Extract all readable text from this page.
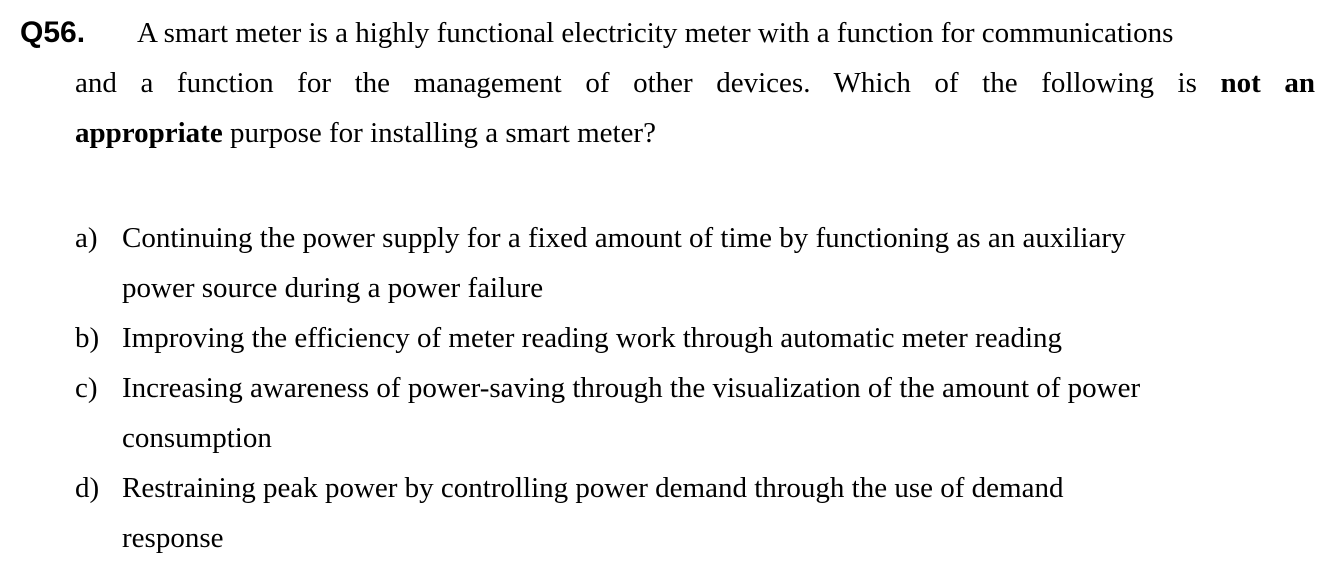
Q56.	A smart meter is a highly functional electricity meter with a function for communications
and a function for the management of other devices. Which of the following is not an
appropriate purpose for installing a smart meter?
a) Continuing the power supply for a fixed amount of time by functioning as an auxiliary
power source during a power failure
b) Improving the efficiency of meter reading work through automatic meter reading
c) Increasing awareness of power-saving through the visualization of the amount of power
consumption
d) Restraining peak power by controlling power demand through the use of demand
response
